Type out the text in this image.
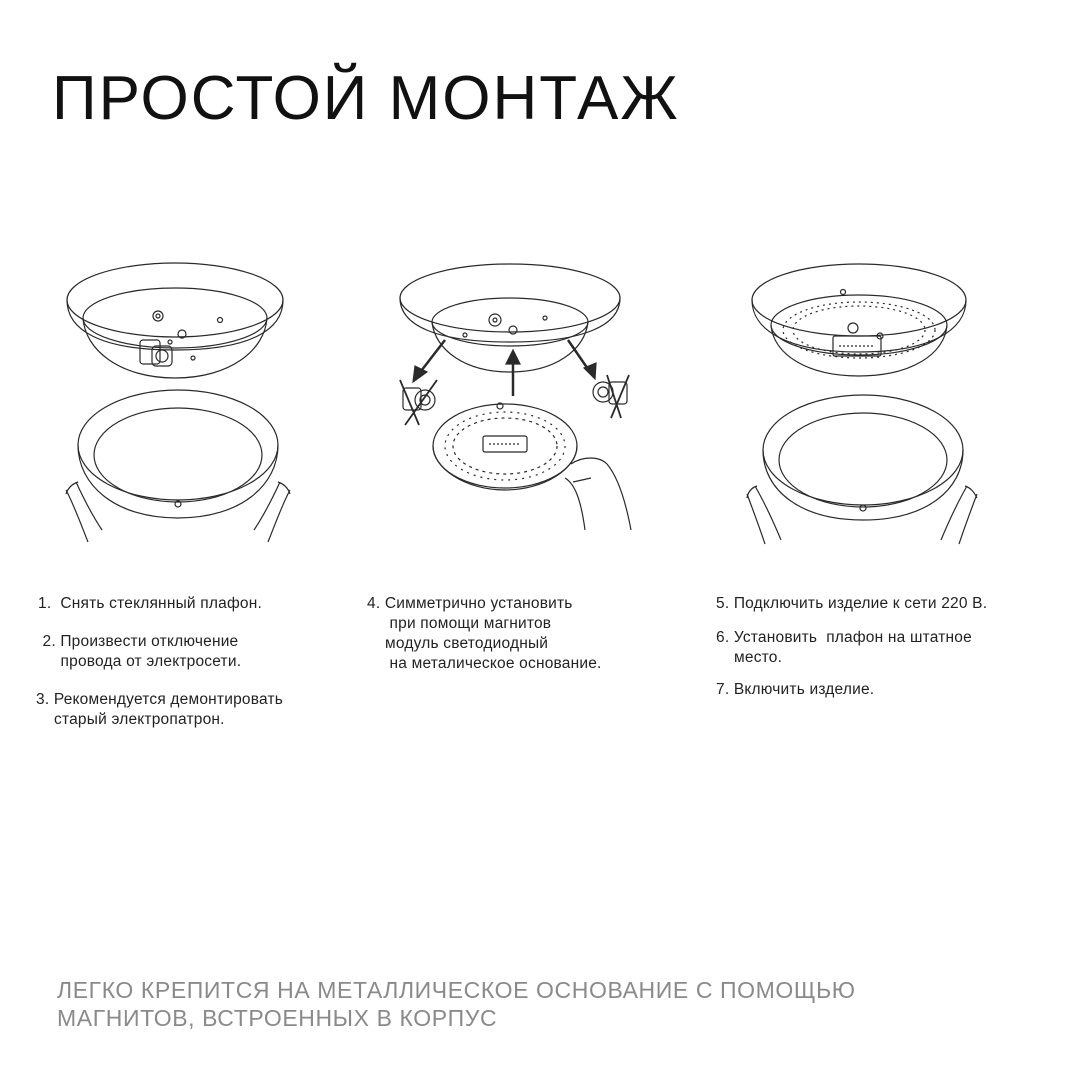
ПРОСТОЙ МОНТАЖ

1.  Снять стеклянный плафон.

2. Произвести отключение
провода от электросети.

3. Рекомендуется демонтировать
старый электропатрон.

4. Симметрично установить
при помощи магнитов
модуль светодиодный
на металическое основание.

5. Подключить изделие к сети 220 В.

6. Установить  плафон на штатное
место.

7. Включить изделие.

ЛЕГКО КРЕПИТСЯ НА МЕТАЛЛИЧЕСКОЕ ОСНОВАНИЕ С ПОМОЩЬЮ
МАГНИТОВ, ВСТРОЕННЫХ В КОРПУС
